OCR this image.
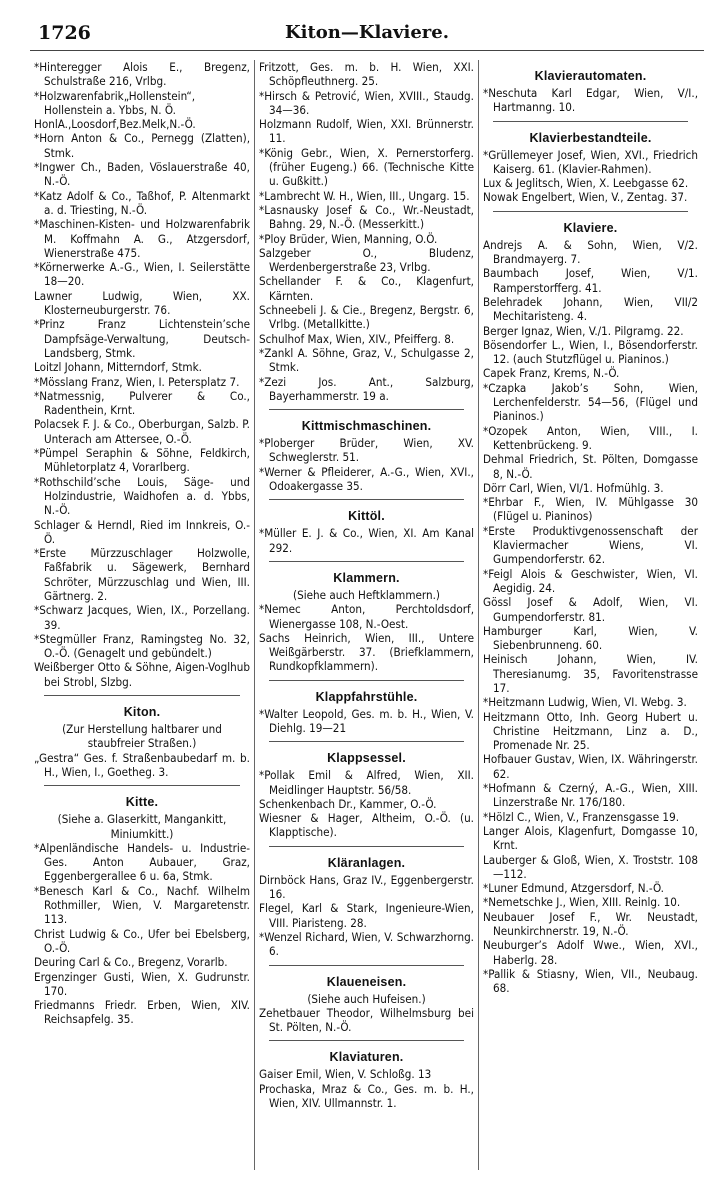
1726	Kiton—Klaviere.

*Hinteregger Alois E., Bregenz, Schulstraße 216, Vrlbg.

*Holzwarenfabrik„Hollenstein“, Hollenstein a. Ybbs, N. Ö.

HonlA.,Loosdorf,Bez.Melk,N.-Ö.

*Horn Anton & Co., Pernegg (Zlatten), Stmk.

*Ingwer Ch., Baden, Vöslauerstraße 40, N.-Ö.

*Katz Adolf & Co., Taßhof, P. Altenmarkt a. d. Triesting, N.-Ö.

*Maschinen-Kisten- und Holzwarenfabrik M. Koffmahn A. G., Atzgersdorf, Wienerstraße 475.

*Körnerwerke A.-G., Wien, I. Seilerstätte 18—20.

Lawner Ludwig, Wien, XX. Klosterneuburgerstr. 76.

*Prinz Franz Lichtenstein’sche Dampfsäge-Verwaltung, Deutsch-Landsberg, Stmk.

Loitzl Johann, Mitterndorf, Stmk.

*Mösslang Franz, Wien, I. Petersplatz 7.

*Natmessnig, Pulverer & Co., Radenthein, Krnt.

Polacsek F. J. & Co., Oberburgan, Salzb. P. Unterach am Attersee, O.-Ö.

*Pümpel Seraphin & Söhne, Feldkirch, Mühletorplatz 4, Vorarlberg.

*Rothschild’sche Louis, Säge- und Holzindustrie, Waidhofen a. d. Ybbs, N.-Ö.

Schlager & Herndl, Ried im Innkreis, O.-Ö.

*Erste Mürzzuschlager Holzwolle, Faßfabrik u. Sägewerk, Bernhard Schröter, Mürzzuschlag und Wien, III. Gärtnerg. 2.

*Schwarz Jacques, Wien, IX., Porzellang. 39.

*Stegmüller Franz, Ramingsteg No. 32, O.-Ö. (Genagelt und gebündelt.)

Weißberger Otto & Söhne, Aigen-Voglhub bei Strobl, Slzbg.

Kiton.

(Zur Herstellung haltbarer und staubfreier Straßen.)

„Gestra“ Ges. f. Straßenbaubedarf m. b. H., Wien, I., Goetheg. 3.

Kitte.

(Siehe a. Glaserkitt, Mangankitt, Miniumkitt.)

*Alpenländische Handels- u. Industrie-Ges. Anton Aubauer, Graz, Eggenbergerallee 6 u. 6a, Stmk.

*Benesch Karl & Co., Nachf. Wilhelm Rothmiller, Wien, V. Margaretenstr. 113.

Christ Ludwig & Co., Ufer bei Ebelsberg, O.-Ö.

Deuring Carl & Co., Bregenz, Vorarlb.

Ergenzinger Gusti, Wien, X. Gudrunstr. 170.

Friedmanns Friedr. Erben, Wien, XIV. Reichsapfelg. 35.

Fritzott, Ges. m. b. H. Wien, XXI. Schöpfleuthnerg. 25.

*Hirsch & Petrović, Wien, XVIII., Staudg. 34—36.

Holzmann Rudolf, Wien, XXI. Brünnerstr. 11.

*König Gebr., Wien, X. Pernerstorferg. (früher Eugeng.) 66. (Technische Kitte u. Gußkitt.)

*Lambrecht W. H., Wien, III., Ungarg. 15.

*Lasnausky Josef & Co., Wr.-Neustadt, Bahng. 29, N.-Ö. (Messerkitt.)

*Ploy Brüder, Wien, Manning, O.Ö.

Salzgeber O., Bludenz, Werdenbergerstraße 23, Vrlbg.

Schellander F. & Co., Klagenfurt, Kärnten.

Schneebeli J. & Cie., Bregenz, Bergstr. 6, Vrlbg. (Metallkitte.)

Schulhof Max, Wien, XIV., Pfeifferg. 8.

*Zankl A. Söhne, Graz, V., Schulgasse 2, Stmk.

*Zezi Jos. Ant., Salzburg, Bayerhammerstr. 19 a.

Kittmischmaschinen.

*Ploberger Brüder, Wien, XV. Schweglerstr. 51.

*Werner & Pfleiderer, A.-G., Wien, XVI., Odoakergasse 35.

Kittöl.

*Müller E. J. & Co., Wien, XI. Am Kanal 292.

Klammern.

(Siehe auch Heftklammern.)

*Nemec Anton, Perchtoldsdorf, Wienergasse 108, N.-Oest.

Sachs Heinrich, Wien, III., Untere Weißgärberstr. 37. (Briefklammern, Rundkopfklammern).

Klappfahrstühle.

*Walter Leopold, Ges. m. b. H., Wien, V. Diehlg. 19—21

Klappsessel.

*Pollak Emil & Alfred, Wien, XII. Meidlinger Hauptstr. 56/58.

Schenkenbach Dr., Kammer, O.-Ö.

Wiesner & Hager, Altheim, O.-Ö. (u. Klapptische).

Kläranlagen.

Dirnböck Hans, Graz IV., Eggenbergerstr. 16.

Flegel, Karl & Stark, Ingenieure-Wien, VIII. Piaristeng. 28.

*Wenzel Richard, Wien, V. Schwarzhorng. 6.

Klaueneisen.

(Siehe auch Hufeisen.)

Zehetbauer Theodor, Wilhelmsburg bei St. Pölten, N.-Ö.

Klaviaturen.

Gaiser Emil, Wien, V. Schloßg. 13

Prochaska, Mraz & Co., Ges. m. b. H., Wien, XIV. Ullmannstr. 1.

Klavierautomaten.

*Neschuta Karl Edgar, Wien, V/I., Hartmanng. 10.

Klavierbestandteile.

*Grüllemeyer Josef, Wien, XVI., Friedrich Kaiserg. 61. (Klavier-Rahmen).

Lux & Jeglitsch, Wien, X. Leebgasse 62.

Nowak Engelbert, Wien, V., Zentag. 37.

Klaviere.

Andrejs A. & Sohn, Wien, V/2. Brandmayerg. 7.

Baumbach Josef, Wien, V/1. Ramperstorfferg. 41.

Belehradek Johann, Wien, VII/2 Mechitaristeng. 4.

Berger Ignaz, Wien, V./1. Pilgramg. 22.

Bösendorfer L., Wien, I., Bösendorferstr. 12. (auch Stutzflügel u. Pianinos.)

Capek Franz, Krems, N.-Ö.

*Czapka Jakob’s Sohn, Wien, Lerchenfelderstr. 54—56, (Flügel und Pianinos.)

*Ozopek Anton, Wien, VIII., I. Kettenbrückeng. 9.

Dehmal Friedrich, St. Pölten, Domgasse 8, N.-Ö.

Dörr Carl, Wien, VI/1. Hofmühlg. 3.

*Ehrbar F., Wien, IV. Mühlgasse 30 (Flügel u. Pianinos)

*Erste Produktivgenossenschaft der Klaviermacher Wiens, VI. Gumpendorferstr. 62.

*Feigl Alois & Geschwister, Wien, VI. Aegidig. 24.

Gössl Josef & Adolf, Wien, VI. Gumpendorferstr. 81.

Hamburger Karl, Wien, V. Siebenbrunneng. 60.

Heinisch Johann, Wien, IV. Theresianumg. 35, Favoritenstrasse 17.

*Heitzmann Ludwig, Wien, VI. Webg. 3.

Heitzmann Otto, Inh. Georg Hubert u. Christine Heitzmann, Linz a. D., Promenade Nr. 25.

Hofbauer Gustav, Wien, IX. Währingerstr. 62.

*Hofmann & Czerný, A.-G., Wien, XIII. Linzerstraße Nr. 176/180.

*Hölzl C., Wien, V., Franzensgasse 19.

Langer Alois, Klagenfurt, Domgasse 10, Krnt.

Lauberger & Gloß, Wien, X. Troststr. 108—112.

*Luner Edmund, Atzgersdorf, N.-Ö.

*Nemetschke J., Wien, XIII. Reinlg. 10.

Neubauer Josef F., Wr. Neustadt, Neunkirchnerstr. 19, N.-Ö.

Neuburger’s Adolf Wwe., Wien, XVI., Haberlg. 28.

*Pallik & Stiasny, Wien, VII., Neubaug. 68.
